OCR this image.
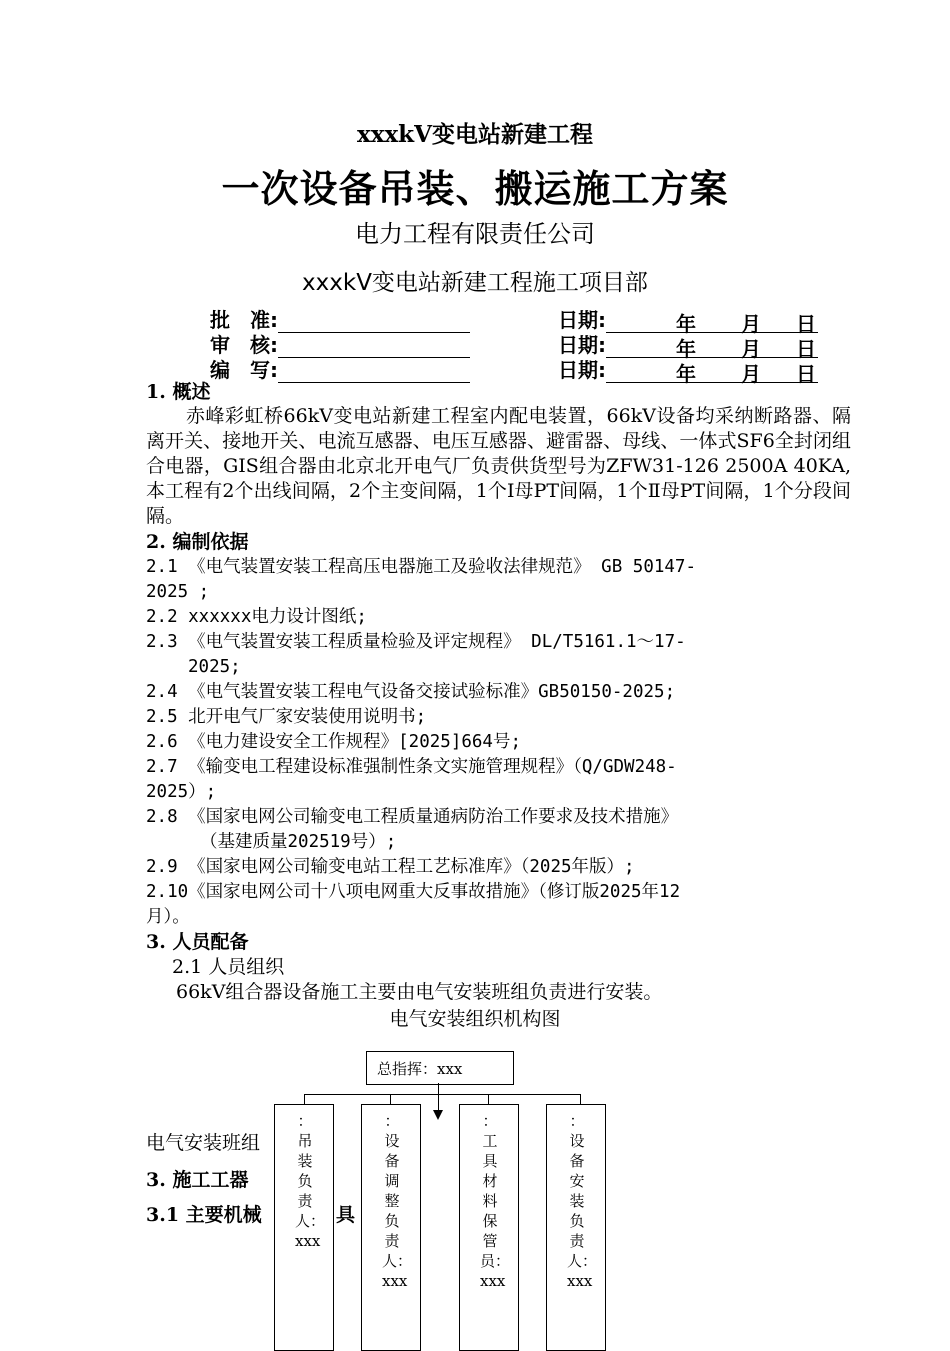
xxxkV变电站新建工程
一次设备吊装、搬运施工方案
电力工程有限责任公司
xxxkV变电站新建工程施工项目部
批　准:	日期:	年 月 日
审　核:	日期:	年 月 日
编　写:	日期:	年 月 日
1. 概述
赤峰彩虹桥66kV变电站新建工程室内配电装置，66kV设备均采纳断路器、隔离开关、接地开关、电流互感器、电压互感器、避雷器、母线、一体式SF6全封闭组合电器，GIS组合器由北京北开电气厂负责供货型号为ZFW31-126 2500A 40KA,本工程有2个出线间隔，2个主变间隔，1个Ⅰ母PT间隔，1个Ⅱ母PT间隔，1个分段间隔。
2. 编制依据
2.1 《电气装置安装工程高压电器施工及验收法律规范》 GB 50147-
2025 ;
2.2 xxxxxx电力设计图纸;
2.3 《电气装置安装工程质量检验及评定规程》 DL/T5161.1～17-
2025;
2.4 《电气装置安装工程电气设备交接试验标准》GB50150-2025;
2.5 北开电气厂家安装使用说明书;
2.6 《电力建设安全工作规程》[2025]664号;
2.7 《输变电工程建设标准强制性条文实施管理规程》（Q/GDW248-
2025）;
2.8 《国家电网公司输变电工程质量通病防治工作要求及技术措施》
（基建质量202519号）;
2.9 《国家电网公司输变电站工程工艺标准库》（2025年版）;
2.10《国家电网公司十八项电网重大反事故措施》（修订版2025年12
月）。
3. 人员配备
2.1 人员组织
66kV组合器设备施工主要由电气安装班组负责进行安装。
电气安装组织机构图
电气安装班组
3. 施工工器
3.1 主要机械	具
总指挥：xxx
：吊装负责人：xxx
：设备调整负责人：xxx
：工具材料保管员：xxx
：设备安装负责人：xxx
